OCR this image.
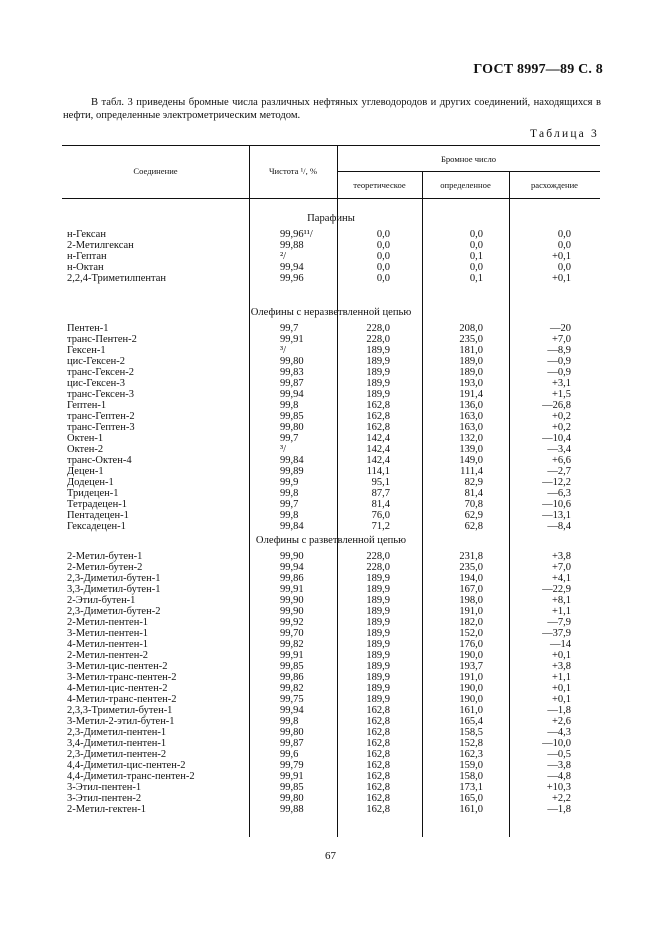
ГОСТ 8997—89 С. 8
В табл. 3 приведены бромные числа различных нефтяных углеводородов и других соединений, находящихся в нефти, определенные электрометрическим методом.
Таблица 3
Соединение	Чистота ¹/, %
Бромное число
теоретическое	определенное	расхождение
Парафины
н-Гексан	99,96¹¹/	0,0	0,0	0,0
2-Метилгексан	99,88	0,0	0,0	0,0
н-Гептан	²/	0,0	0,1	+0,1
н-Октан	99,94	0,0	0,0	0,0
2,2,4-Триметилпентан	99,96	0,0	0,1	+0,1
Олефины с неразветвленной цепью
Пентен-1	99,7	228,0	208,0	—20
транс-Пентен-2	99,91	228,0	235,0	+7,0
Гексен-1	³/	189,9	181,0	—8,9
цис-Гексен-2	99,80	189,9	189,0	—0,9
транс-Гексен-2	99,83	189,9	189,0	—0,9
цис-Гексен-3	99,87	189,9	193,0	+3,1
транс-Гексен-3	99,94	189,9	191,4	+1,5
Гептен-1	99,8	162,8	136,0	—26,8
транс-Гептен-2	99,85	162,8	163,0	+0,2
транс-Гептен-3	99,80	162,8	163,0	+0,2
Октен-1	99,7	142,4	132,0	—10,4
Октен-2	³/	142,4	139,0	—3,4
транс-Октен-4	99,84	142,4	149,0	+6,6
Децен-1	99,89	114,1	111,4	—2,7
Додецен-1	99,9	95,1	82,9	—12,2
Тридецен-1	99,8	87,7	81,4	—6,3
Тетрадецен-1	99,7	81,4	70,8	—10,6
Пентадецен-1	99,8	76,0	62,9	—13,1
Гексадецен-1	99,84	71,2	62,8	—8,4
Олефины с разветвленной цепью
2-Метил-бутен-1	99,90	228,0	231,8	+3,8
2-Метил-бутен-2	99,94	228,0	235,0	+7,0
2,3-Диметил-бутен-1	99,86	189,9	194,0	+4,1
3,3-Диметил-бутен-1	99,91	189,9	167,0	—22,9
2-Этил-бутен-1	99,90	189,9	198,0	+8,1
2,3-Диметил-бутен-2	99,90	189,9	191,0	+1,1
2-Метил-пентен-1	99,92	189,9	182,0	—7,9
3-Метил-пентен-1	99,70	189,9	152,0	—37,9
4-Метил-пентен-1	99,82	189,9	176,0	—14
2-Метил-пентен-2	99,91	189,9	190,0	+0,1
3-Метил-цис-пентен-2	99,85	189,9	193,7	+3,8
3-Метил-транс-пентен-2	99,86	189,9	191,0	+1,1
4-Метил-цис-пентен-2	99,82	189,9	190,0	+0,1
4-Метил-транс-пентен-2	99,75	189,9	190,0	+0,1
2,3,3-Триметил-бутен-1	99,94	162,8	161,0	—1,8
3-Метил-2-этил-бутен-1	99,8	162,8	165,4	+2,6
2,3-Диметил-пентен-1	99,80	162,8	158,5	—4,3
3,4-Диметил-пентен-1	99,87	162,8	152,8	—10,0
2,3-Диметил-пентен-2	99,6	162,8	162,3	—0,5
4,4-Диметил-цис-пентен-2	99,79	162,8	159,0	—3,8
4,4-Диметил-транс-пентен-2	99,91	162,8	158,0	—4,8
3-Этил-пентен-1	99,85	162,8	173,1	+10,3
3-Этил-пентен-2	99,80	162,8	165,0	+2,2
2-Метил-гектен-1	99,88	162,8	161,0	—1,8
67
